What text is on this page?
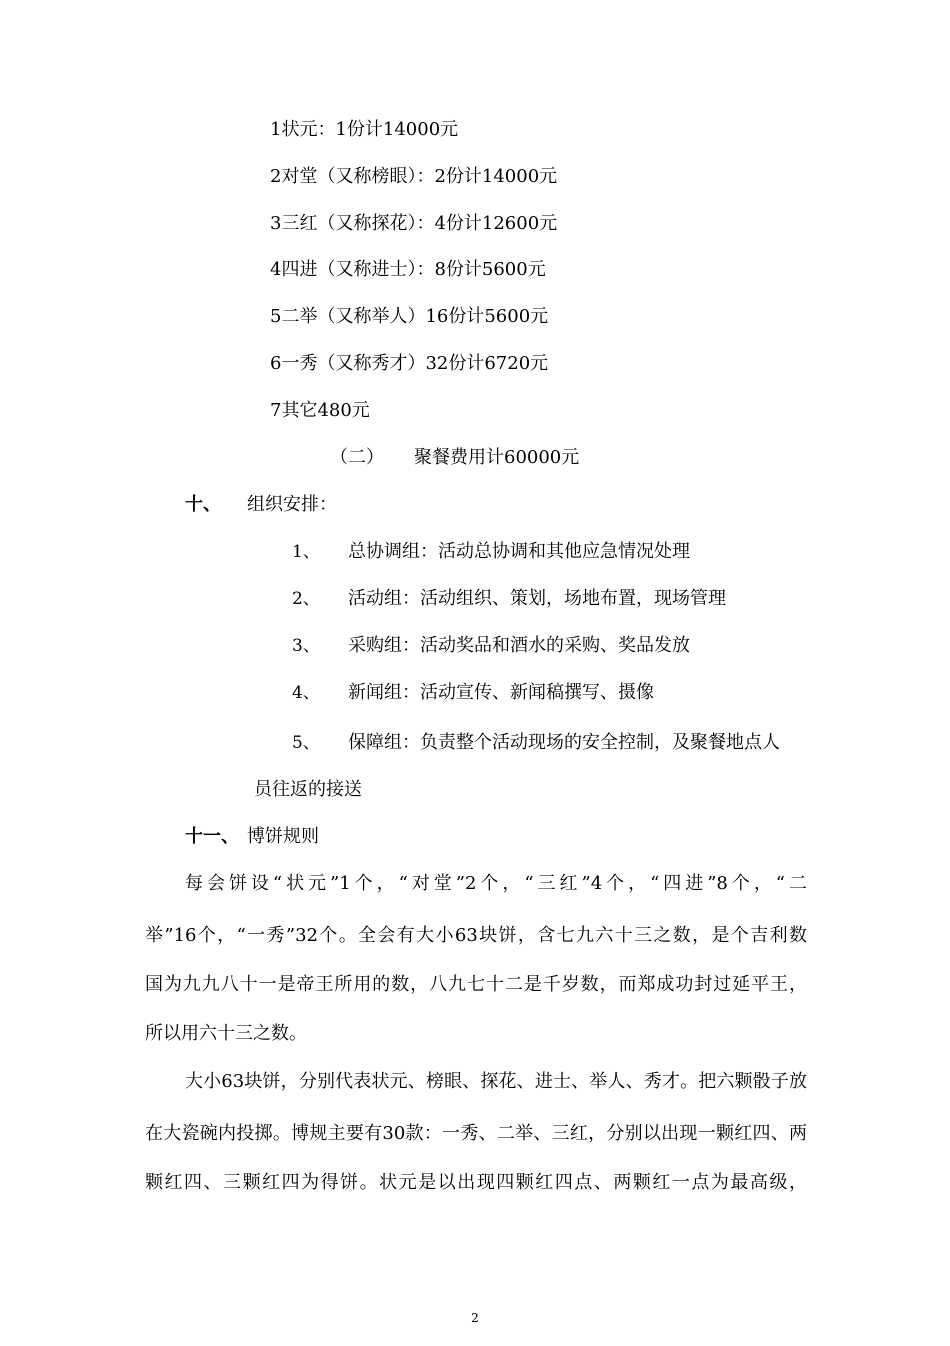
1状元：1份计14000元
2对堂（又称榜眼）：2份计14000元
3三红（又称探花）：4份计12600元
4四进（又称进士）：8份计5600元
5二举（又称举人）16份计5600元
6一秀（又称秀才）32份计6720元
7其它480元
（二） 聚餐费用计60000元
十、 组织安排：
1、 总协调组：活动总协调和其他应急情况处理
2、 活动组：活动组织、策划，场地布置，现场管理
3、 采购组：活动奖品和酒水的采购、奖品发放
4、 新闻组：活动宣传、新闻稿撰写、摄像
5、 保障组：负责整个活动现场的安全控制，及聚餐地点人
员往返的接送
十一、 博饼规则
每会饼设“状元”1个，“对堂”2个，“三红”4个，“四进”8个，“二
举”16个，“一秀”32个。全会有大小63块饼，含七九六十三之数，是个吉利数
国为九九八十一是帝王所用的数，八九七十二是千岁数，而郑成功封过延平王，
所以用六十三之数。
大小63块饼，分别代表状元、榜眼、探花、进士、举人、秀才。把六颗骰子放
在大瓷碗内投掷。博规主要有30款：一秀、二举、三红，分别以出现一颗红四、两
颗红四、三颗红四为得饼。状元是以出现四颗红四点、两颗红一点为最高级，
2
